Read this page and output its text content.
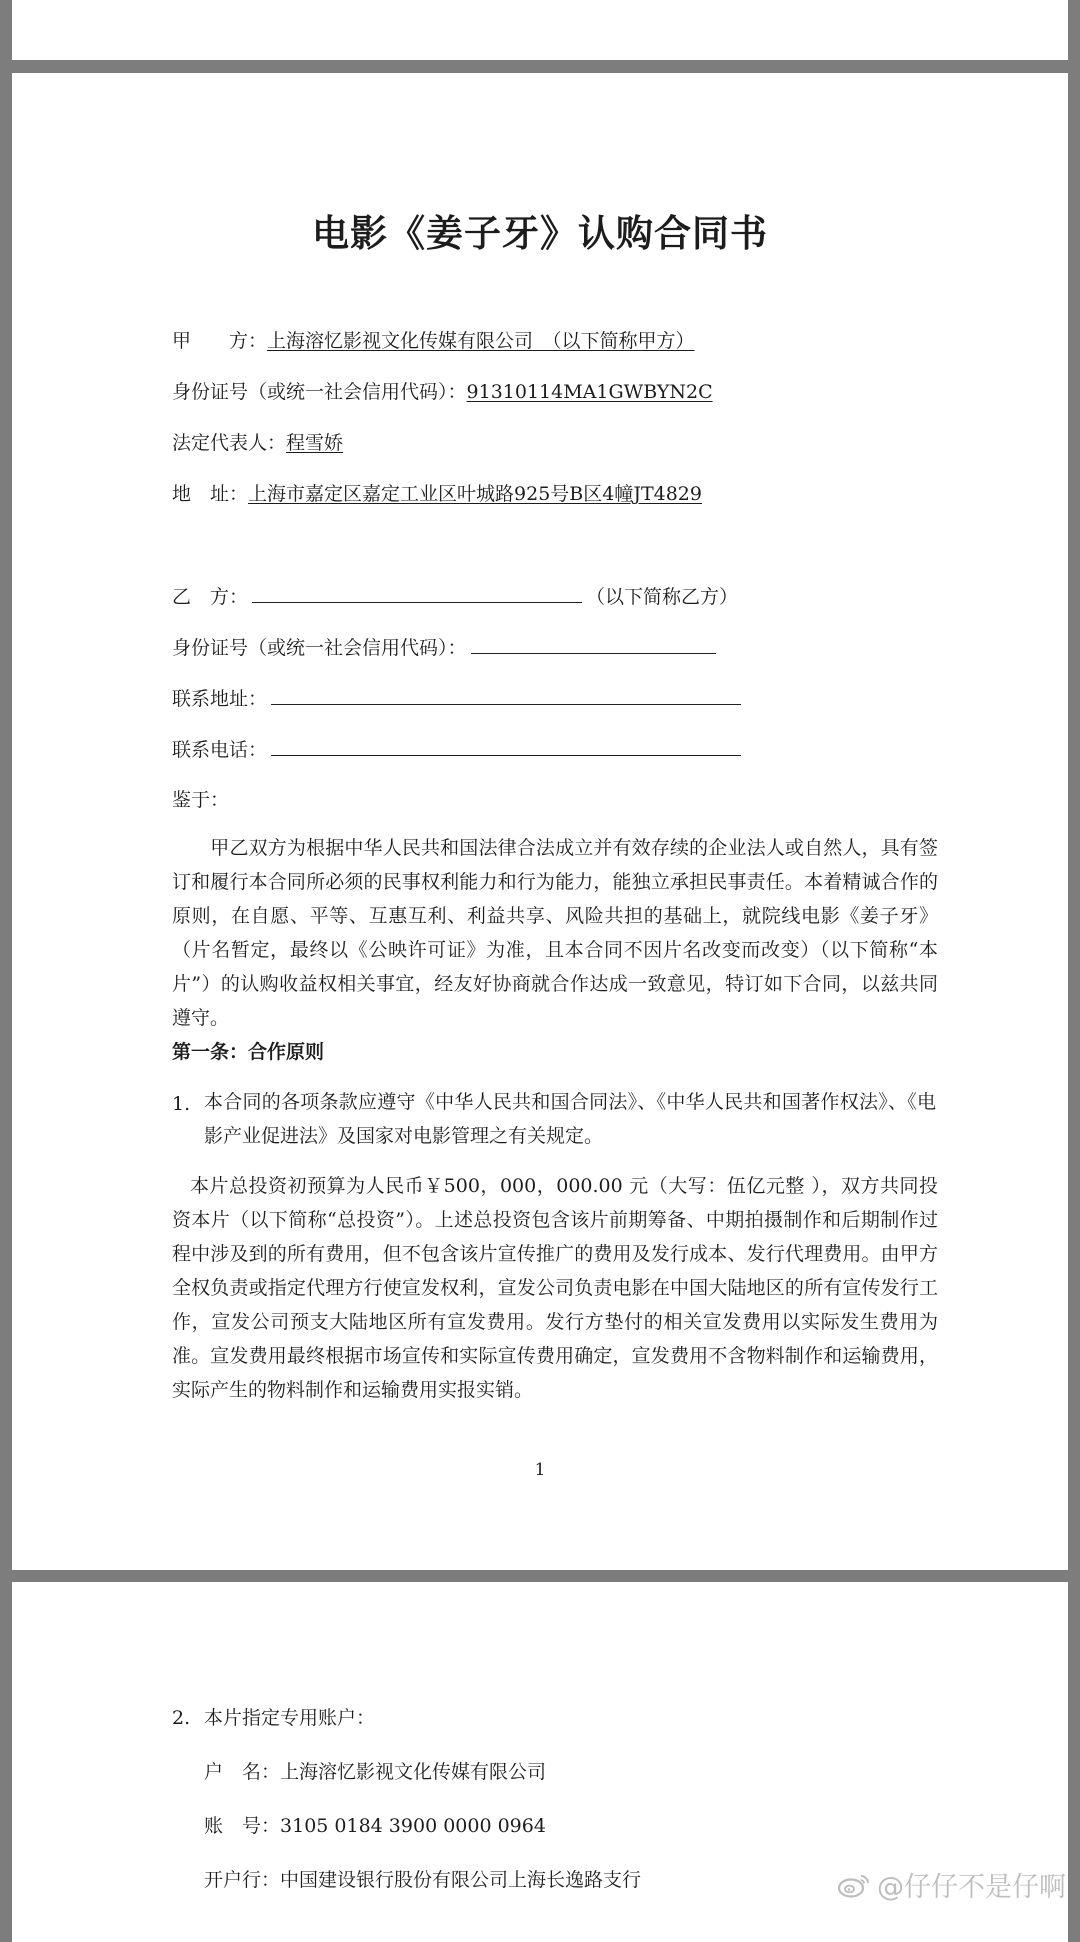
电影《姜子牙》认购合同书
甲　　方：上海溶忆影视文化传媒有限公司　（以下简称甲方）
身份证号（或统一社会信用代码）：91310114MA1GWBYN2C
法定代表人：程雪娇
地　址：上海市嘉定区嘉定工业区叶城路925号B区4幢JT4829
乙　方：	（以下简称乙方）
身份证号（或统一社会信用代码）：
联系地址：
联系电话：
鉴于：
　　甲乙双方为根据中华人民共和国法律合法成立并有效存续的企业法人或自然人，具有签订和履行本合同所必须的民事权利能力和行为能力，能独立承担民事责任。本着精诚合作的原则，在自愿、平等、互惠互利、利益共享、风险共担的基础上，就院线电影《姜子牙》（片名暂定，最终以《公映许可证》为准，且本合同不因片名改变而改变）（以下简称“本片”）的认购收益权相关事宜，经友好协商就合作达成一致意见，特订如下合同，以兹共同遵守。
第一条：合作原则
1. 本合同的各项条款应遵守《中华人民共和国合同法》、《中华人民共和国著作权法》、《电影产业促进法》及国家对电影管理之有关规定。
本片总投资初预算为人民币￥500，000，000.00 元（大写：伍亿元整 ），双方共同投资本片（以下简称“总投资”）。上述总投资包含该片前期筹备、中期拍摄制作和后期制作过程中涉及到的所有费用，但不包含该片宣传推广的费用及发行成本、发行代理费用。由甲方全权负责或指定代理方行使宣发权利，宣发公司负责电影在中国大陆地区的所有宣传发行工作，宣发公司预支大陆地区所有宣发费用。发行方垫付的相关宣发费用以实际发生费用为准。宣发费用最终根据市场宣传和实际宣传费用确定，宣发费用不含物料制作和运输费用，实际产生的物料制作和运输费用实报实销。
1
2. 本片指定专用账户：
户　名：上海溶忆影视文化传媒有限公司
账　号：3105 0184 3900 0000 0964
开户行：中国建设银行股份有限公司上海长逸路支行
@仔仔不是仔啊
